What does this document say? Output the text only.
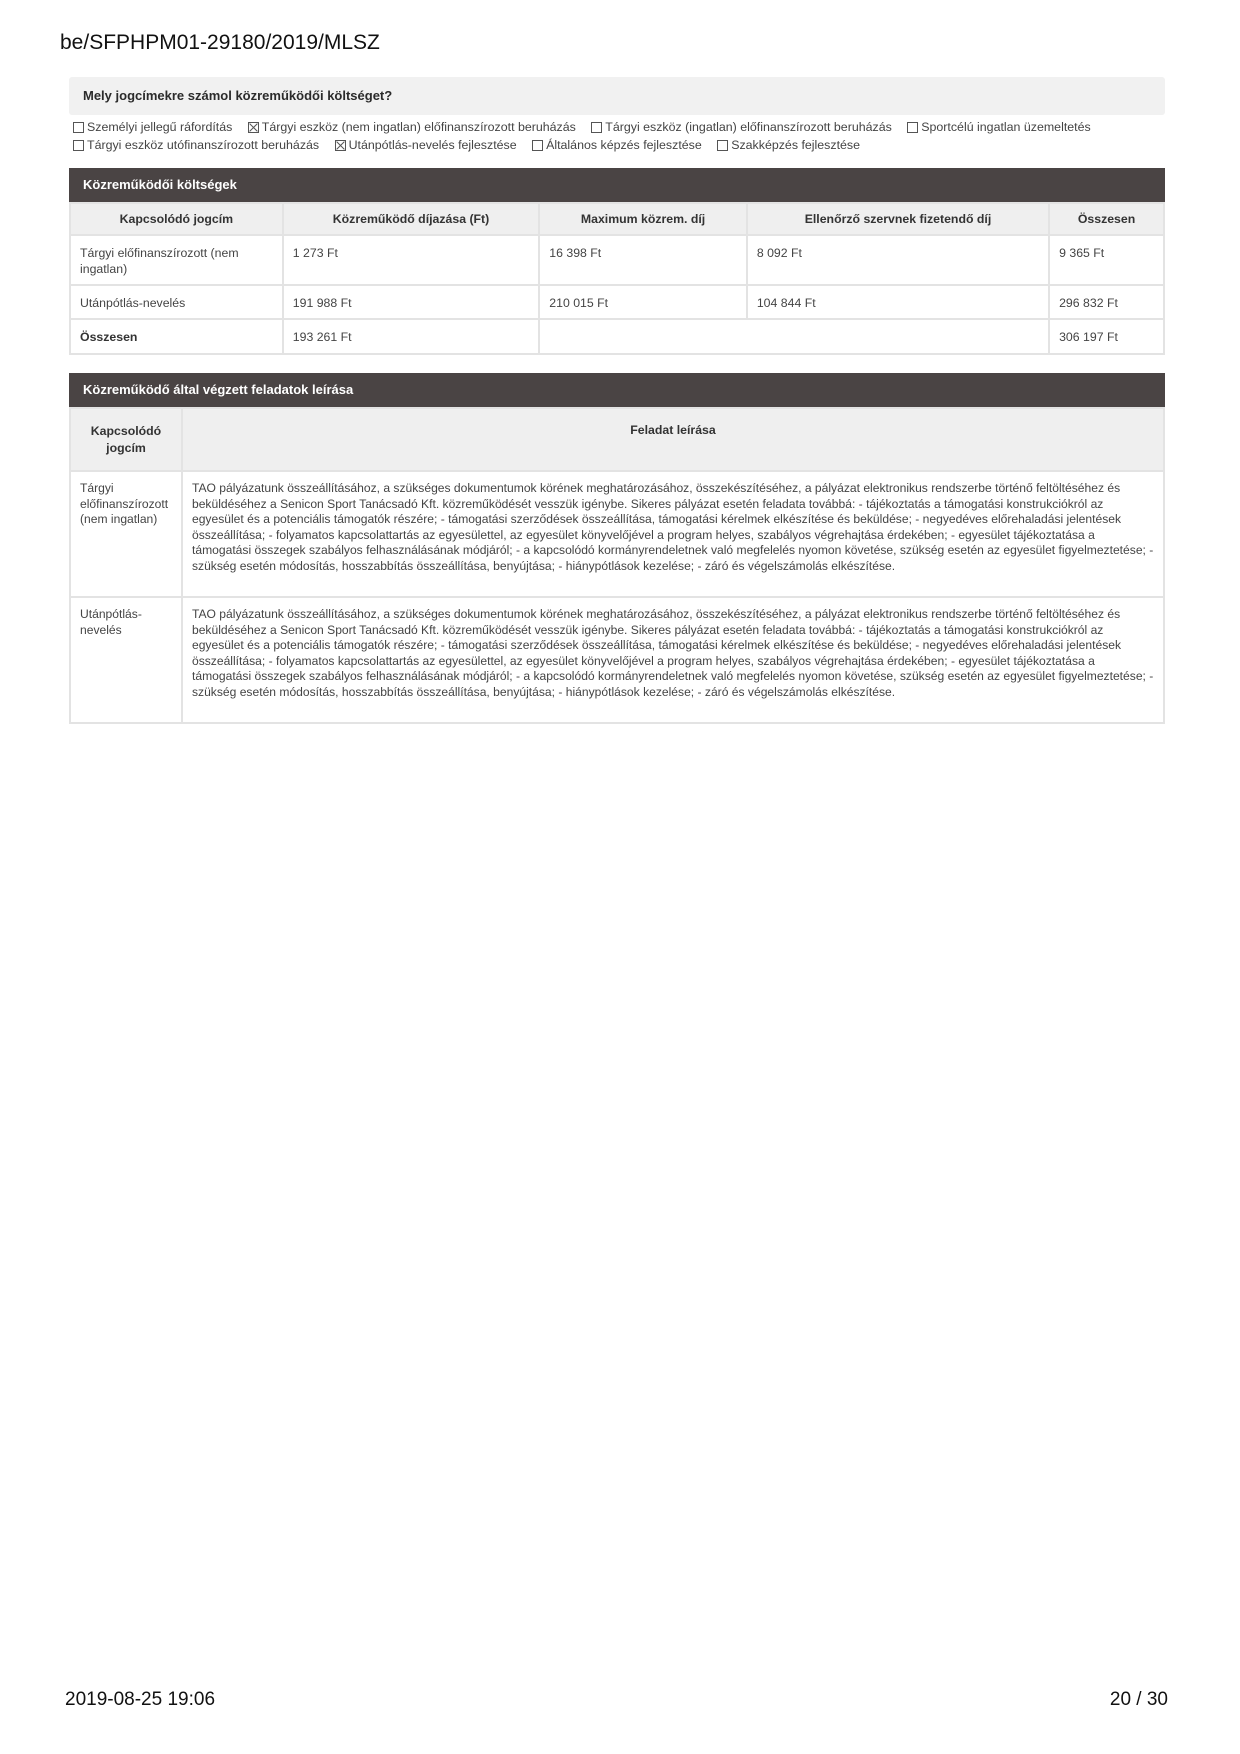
be/SFPHPM01-29180/2019/MLSZ
Mely jogcímekre számol közreműködői költséget?
Személyi jellegű ráfordítás Tárgyi eszköz (nem ingatlan) előfinanszírozott beruházás Tárgyi eszköz (ingatlan) előfinanszírozott beruházás Sportcélú ingatlan üzemeltetés
Tárgyi eszköz utófinanszírozott beruházás Utánpótlás-nevelés fejlesztése Általános képzés fejlesztése Szakképzés fejlesztése
Közreműködői költségek
Kapcsolódó jogcím	Közreműködő díjazása (Ft)	Maximum közrem. díj	Ellenőrző szervnek fizetendő díj	Összesen
Tárgyi előfinanszírozott (nem ingatlan)	1 273 Ft	16 398 Ft	8 092 Ft	9 365 Ft
Utánpótlás-nevelés	191 988 Ft	210 015 Ft	104 844 Ft	296 832 Ft
Összesen	193 261 Ft			306 197 Ft
Közreműködő által végzett feladatok leírása
Kapcsolódó jogcím	Feladat leírása
Tárgyi előfinanszírozott (nem ingatlan)	TAO pályázatunk összeállításához, a szükséges dokumentumok körének meghatározásához, összekészítéséhez, a pályázat elektronikus rendszerbe történő feltöltéséhez és beküldéséhez a Senicon Sport Tanácsadó Kft. közreműködését vesszük igénybe. Sikeres pályázat esetén feladata továbbá: - tájékoztatás a támogatási konstrukciókról az egyesület és a potenciális támogatók részére; - támogatási szerződések összeállítása, támogatási kérelmek elkészítése és beküldése; - negyedéves előrehaladási jelentések összeállítása; - folyamatos kapcsolattartás az egyesülettel, az egyesület könyvelőjével a program helyes, szabályos végrehajtása érdekében; - egyesület tájékoztatása a támogatási összegek szabályos felhasználásának módjáról; - a kapcsolódó kormányrendeletnek való megfelelés nyomon követése, szükség esetén az egyesület figyelmeztetése; - szükség esetén módosítás, hosszabbítás összeállítása, benyújtása; - hiánypótlások kezelése; - záró és végelszámolás elkészítése.
Utánpótlás-nevelés	TAO pályázatunk összeállításához, a szükséges dokumentumok körének meghatározásához, összekészítéséhez, a pályázat elektronikus rendszerbe történő feltöltéséhez és beküldéséhez a Senicon Sport Tanácsadó Kft. közreműködését vesszük igénybe. Sikeres pályázat esetén feladata továbbá: - tájékoztatás a támogatási konstrukciókról az egyesület és a potenciális támogatók részére; - támogatási szerződések összeállítása, támogatási kérelmek elkészítése és beküldése; - negyedéves előrehaladási jelentések összeállítása; - folyamatos kapcsolattartás az egyesülettel, az egyesület könyvelőjével a program helyes, szabályos végrehajtása érdekében; - egyesület tájékoztatása a támogatási összegek szabályos felhasználásának módjáról; - a kapcsolódó kormányrendeletnek való megfelelés nyomon követése, szükség esetén az egyesület figyelmeztetése; - szükség esetén módosítás, hosszabbítás összeállítása, benyújtása; - hiánypótlások kezelése; - záró és végelszámolás elkészítése.
2019-08-25 19:06	20 / 30
